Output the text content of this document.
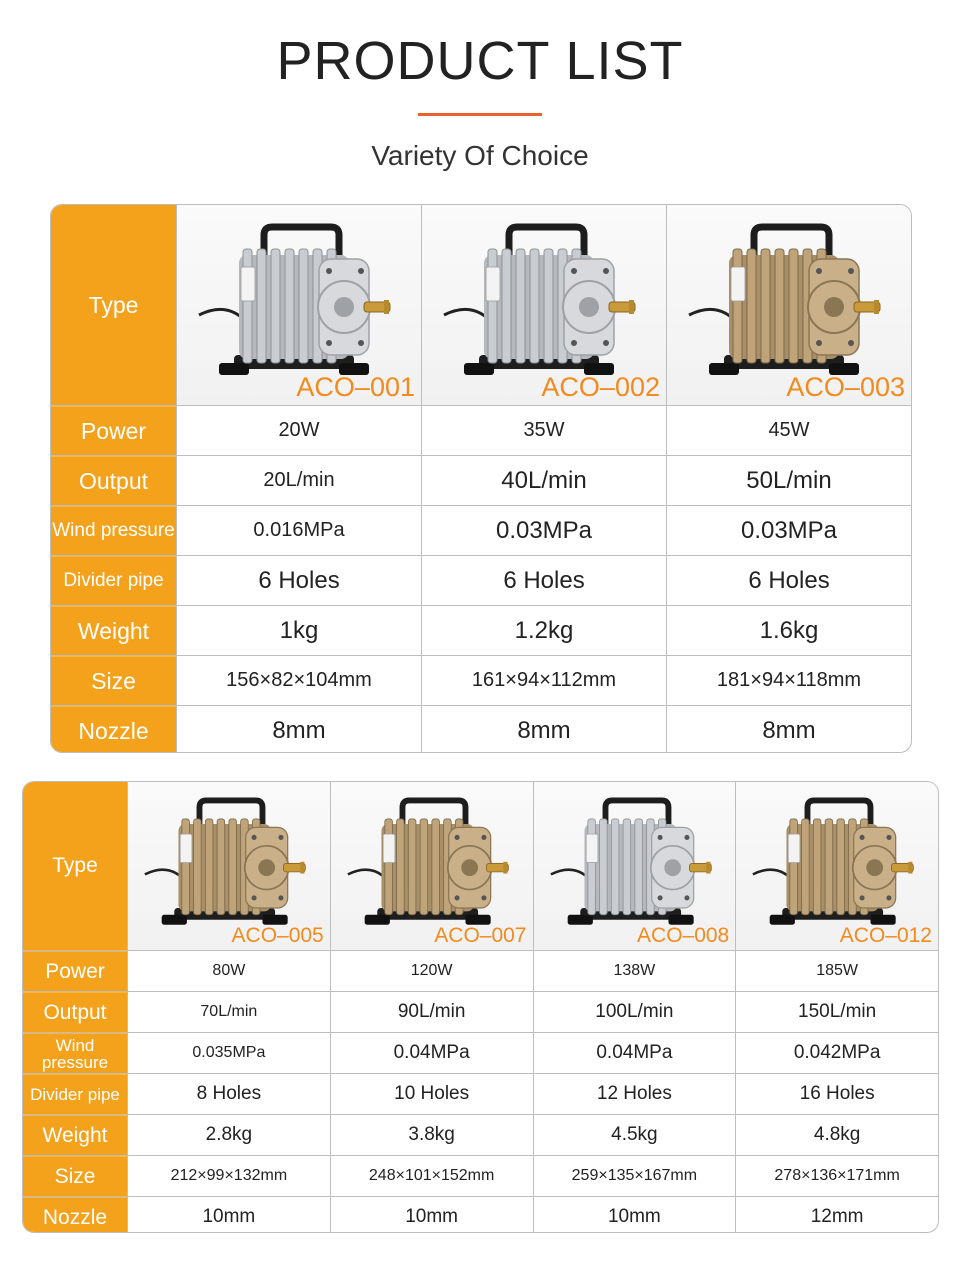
PRODUCT LIST
Variety Of Choice
Type
ACO–001	ACO–002	ACO–003
Power	20W	35W	45W
Output	20L/min	40L/min	50L/min
Wind pressure	0.016MPa	0.03MPa	0.03MPa
Divider pipe	6 Holes	6 Holes	6 Holes
Weight	1kg	1.2kg	1.6kg
Size	156×82×104mm	161×94×112mm	181×94×118mm
Nozzle	8mm	8mm	8mm
Type
ACO–005	ACO–007	ACO–008	ACO–012
Power	80W	120W	138W	185W
Output	70L/min	90L/min	100L/min	150L/min
Wind pressure	0.035MPa	0.04MPa	0.04MPa	0.042MPa
Divider pipe	8 Holes	10 Holes	12 Holes	16 Holes
Weight	2.8kg	3.8kg	4.5kg	4.8kg
Size	212×99×132mm	248×101×152mm	259×135×167mm	278×136×171mm
Nozzle	10mm	10mm	10mm	12mm
